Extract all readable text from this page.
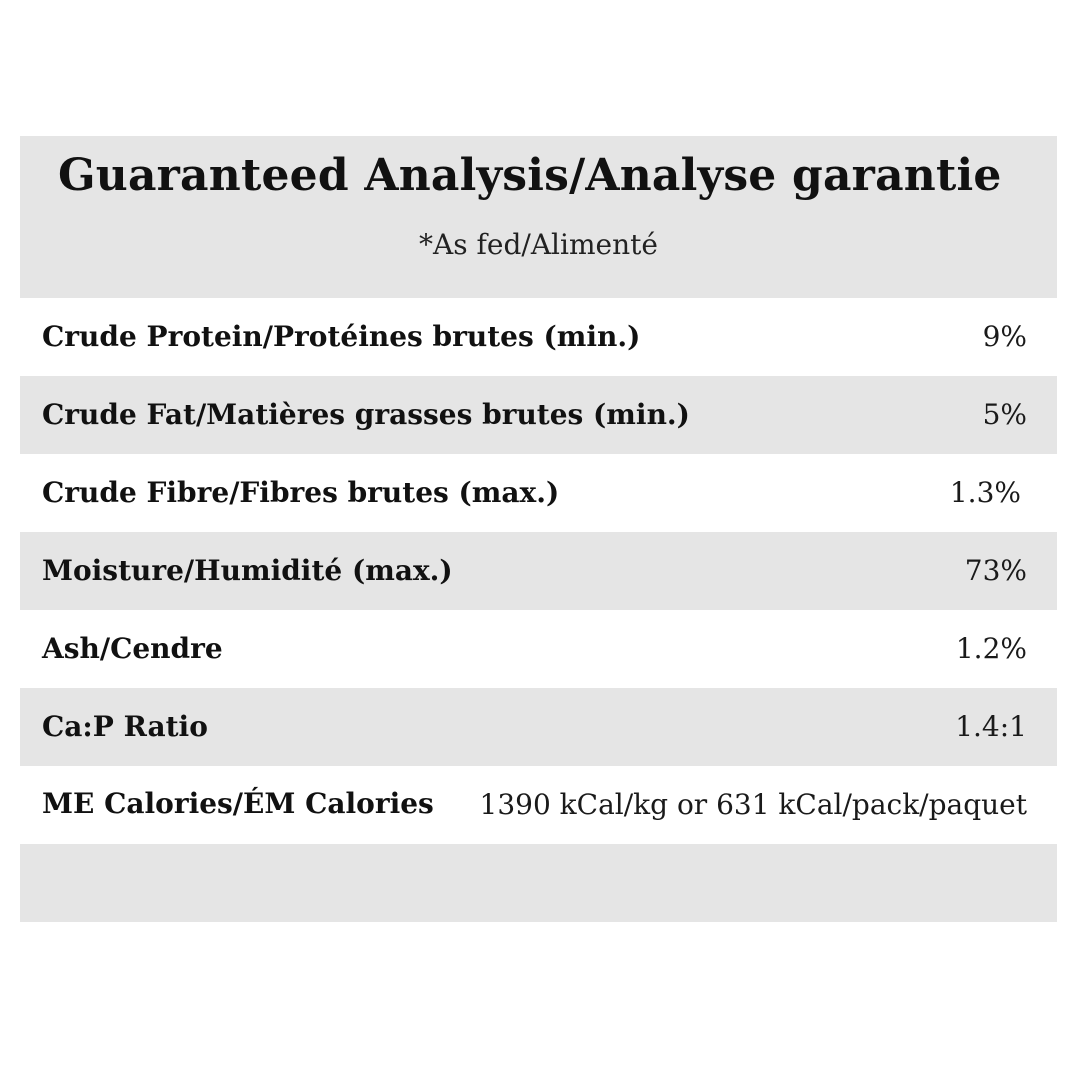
Guaranteed Analysis/Analyse garantie
*As fed/Alimenté
Crude Protein/Protéines brutes (min.)	9%
Crude Fat/Matières grasses brutes (min.)	5%
Crude Fibre/Fibres brutes (max.)	1.3%
Moisture/Humidité (max.)	73%
Ash/Cendre	1.2%
Ca:P Ratio	1.4:1
ME Calories/ÉM Calories 1390 kCal/kg or 631 kCal/pack/paquet
